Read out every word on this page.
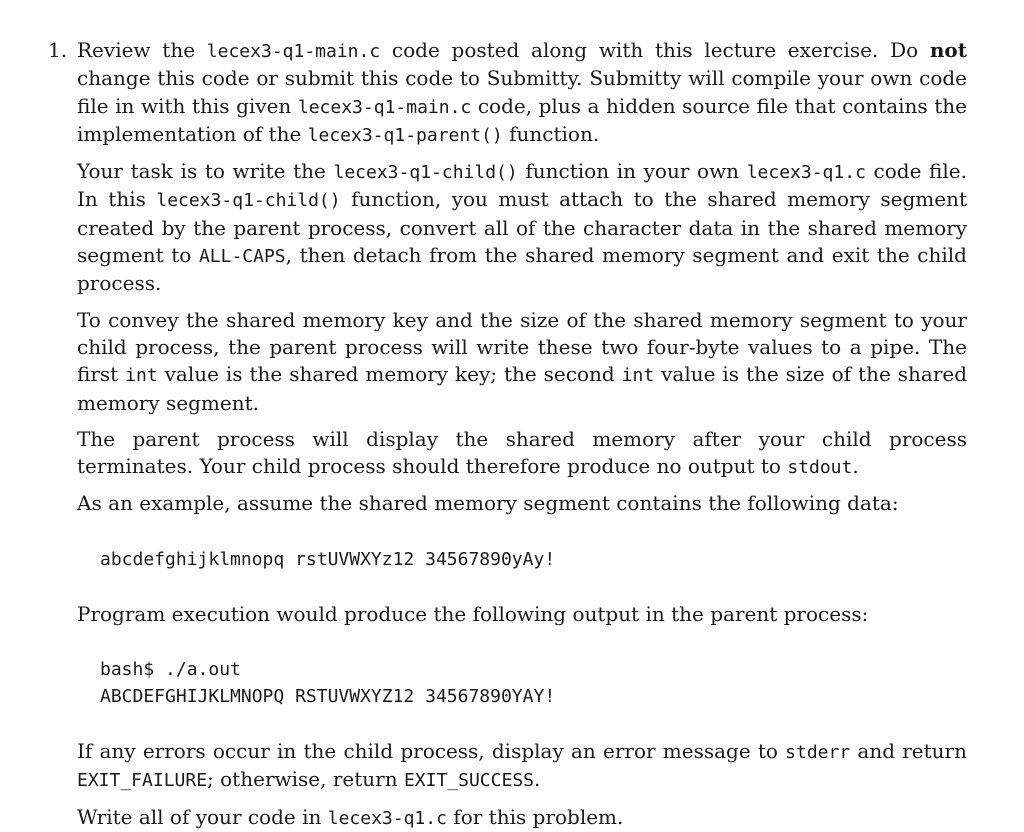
1. Review the lecex3-q1-main.c code posted along with this lecture exercise. Do not change this code or submit this code to Submitty. Submitty will compile your own code file in with this given lecex3-q1-main.c code, plus a hidden source file that contains the implementation of the lecex3-q1-parent() function.
Your task is to write the lecex3-q1-child() function in your own lecex3-q1.c code file. In this lecex3-q1-child() function, you must attach to the shared memory segment created by the parent process, convert all of the character data in the shared memory segment to ALL-CAPS, then detach from the shared memory segment and exit the child process.
To convey the shared memory key and the size of the shared memory segment to your child process, the parent process will write these two four-byte values to a pipe. The first int value is the shared memory key; the second int value is the size of the shared memory segment.
The parent process will display the shared memory after your child process terminates. Your child process should therefore produce no output to stdout.
As an example, assume the shared memory segment contains the following data:
abcdefghijklmnopq rstUVWXYz12 34567890yAy!
Program execution would produce the following output in the parent process:
bash$ ./a.out
ABCDEFGHIJKLMNOPQ RSTUVWXYZ12 34567890YAY!
If any errors occur in the child process, display an error message to stderr and return EXIT_FAILURE; otherwise, return EXIT_SUCCESS.
Write all of your code in lecex3-q1.c for this problem.
